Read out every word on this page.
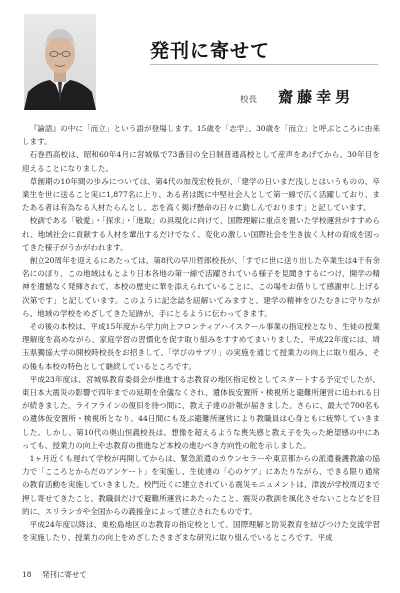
発刊に寄せて
校長 齋藤幸男

『論語』の中に「而立」という語が登場します。15歳を「志学」、30歳を「而立」と呼ぶところに由来します。

石巻西高校は、昭和60年4月に宮城県で73番目の全日制普通高校として産声をあげてから、30年目を迎えることになりました。

草創期の10年間の歩みについては、第4代の加茂宏校長が、「建学の日いまだ浅しとはいうものの、卒業生を世に送ること実に1,877名に上り、ある者は既に中堅社会人として第一線で広く活躍しており、またある者は有為なる人材たらんとし、志を高く掲げ懸命の日々に勤しんでおります」と記しています。

校訓である「敬愛」・「探求」・「進取」の具現化に向けて、国際理解に重点を置いた学校運営がすすめられ、地域社会に貢献する人材を輩出するだけでなく、変化の激しい国際社会を生き抜く人材の育成を図ってきた様子がうかがわれます。

創立20周年を迎えるにあたっては、第8代の早川哲郎校長が、「すでに世に送り出した卒業生は4千有余名にのぼり、この地域はもとより日本各地の第一線で活躍されている様子を見聞きするにつけ、開学の精神を遺憾なく発揮されて、本校の歴史に華を添えられていることに、この場をお借りして感謝申し上げる次第です」と記しています。このように記念誌を紐解いてみますと、建学の精神をひたむきに守りながら、地域の学校をめざしてきた足跡が、手にとるように伝わってきます。

その後の本校は、平成15年度から学力向上フロンティアハイスクール事業の指定校となり、生徒の授業理解度を高めながら、家庭学習の習慣化を促す取り組みをすすめてまいりました。平成22年度には、埼玉県獨協大学の開校時校長をお招きして、「学びのサプリ」の実施を通じて授業力の向上に取り組み、その後も本校の特色として継続しているところです。

平成23年度は、宮城県教育委員会が推進する志教育の地区指定校としてスタートする予定でしたが、東日本大震災の影響で四年までの延期を余儀なくされ、遺体仮安置所・検視所と避難所運営に追われる日が続きました。ライフラインの復旧を待つ間に、教え子達の計報が届きました。さらに、最大で700名もの遺体仮安置所・検視所となり、44日間にも及ぶ避難所運営により教職員は心身ともに疲弊していきました。しかし、第10代の奥山恒義校長は、想像を超えるような喪失感と教え子を失った絶望感の中にあっても、授業力の向上や志教育の推進など本校の進むべき方向性の舵を示しました。

1ヶ月近くも遅れて学校が再開してからは、緊急派遣のカウンセラーや東京都からの派遣養護教諭の協力で「こころとからだのアンケート」を実施し、生徒達の「心のケア」にあたりながら、できる限り通常の教育活動を実施していきました。校門近くに建立されている震災モニュメントは、津波が学校周辺まで押し寄せてきたこと、教職員だけで避難所運営にあたったこと、震災の教訓を風化させないことなどを目的に、スリランカや全国からの義援金によって建立されたものです。

平成24年度以降は、東松島地区の志教育の指定校として、国際理解と防災教育を結びつけた交流学習を実施したり、授業力の向上をめざしたさまざまな研究に取り組んでいるところです。平成

18 発刊に寄せて
